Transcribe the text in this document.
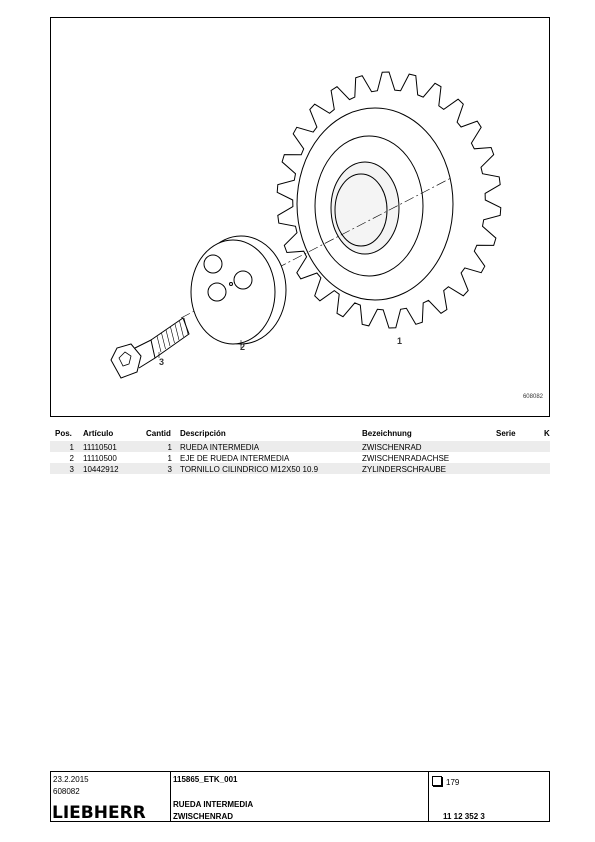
1
2
3
608082
Pos. Artículo	Cantid Descripción	Bezeichnung	Serie	K
1 11110501	1 RUEDA INTERMEDIA	ZWISCHENRAD
2 11110500	1 EJE DE RUEDA INTERMEDIA	ZWISCHENRADACHSE
3 10442912	3 TORNILLO CILINDRICO M12X50 10.9	ZYLINDERSCHRAUBE
23.2.2015
608082
LIEBHERR
115865_ETK_001
RUEDA INTERMEDIA
ZWISCHENRAD
179
11 12 352 3
